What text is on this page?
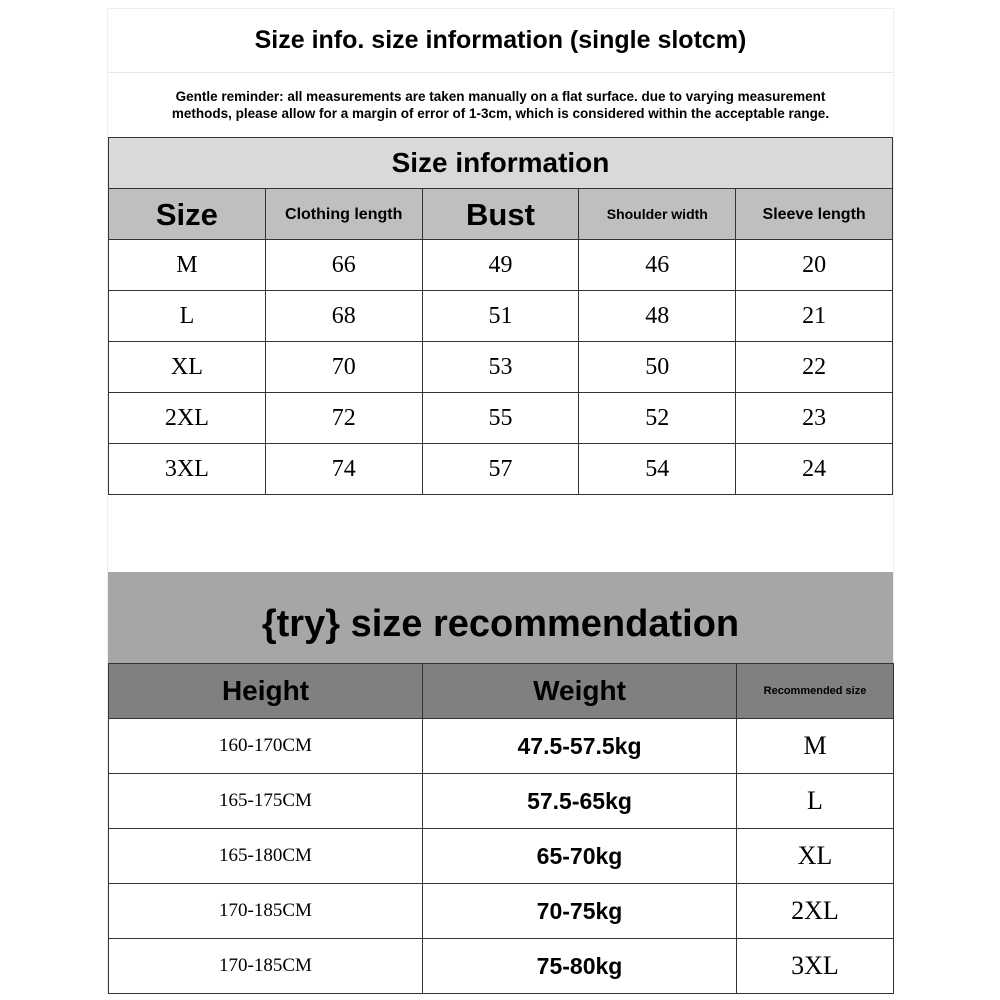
Size info. size information (single slotcm)
Gentle reminder: all measurements are taken manually on a flat surface. due to varying measurement
methods, please allow for a margin of error of 1-3cm, which is considered within the acceptable range.
Size information				
Size	Clothing length	Bust	Shoulder width	Sleeve length
M	66	49	46	20
L	68	51	48	21
XL	70	53	50	22
2XL	72	55	52	23
3XL	74	57	54	24
{try} size recommendation
Height	Weight	Recommended size
160-170CM	47.5-57.5kg	M
165-175CM	57.5-65kg	L
165-180CM	65-70kg	XL
170-185CM	70-75kg	2XL
170-185CM	75-80kg	3XL
